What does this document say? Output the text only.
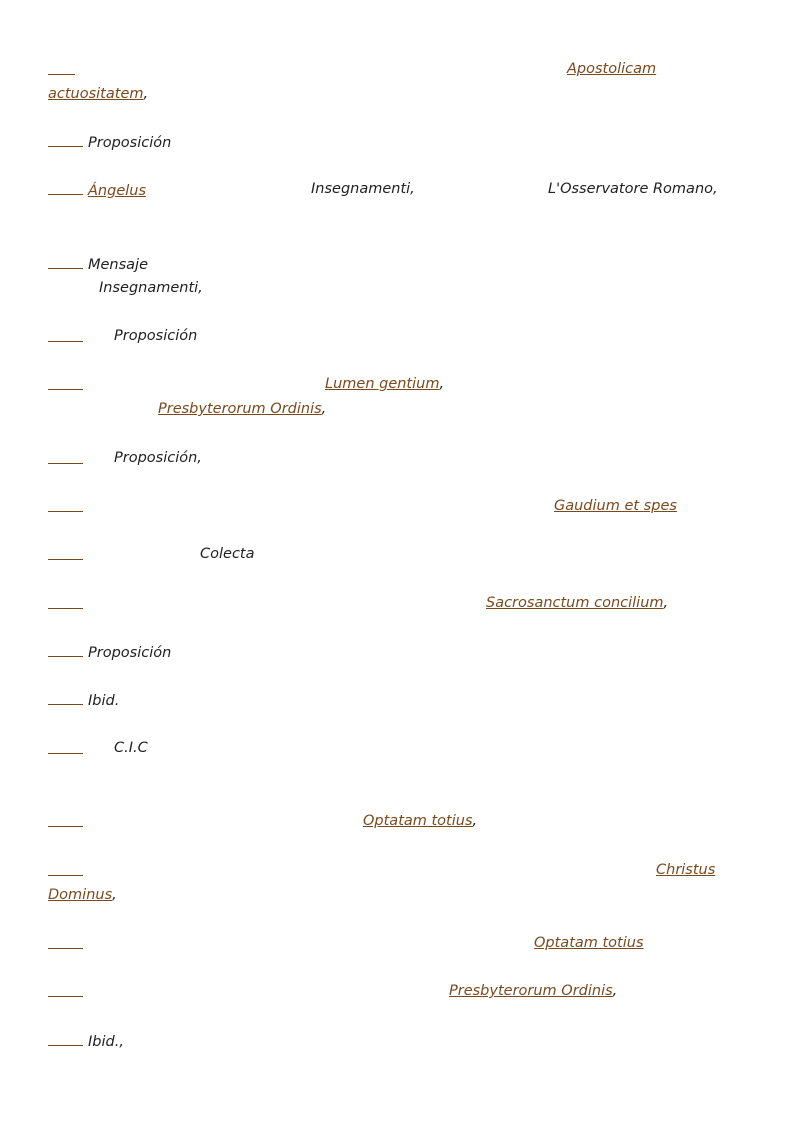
Apostolicam
actuositatem,
Proposición
Ángelus	Insegnamenti,	L'Osservatore Romano,
Mensaje
Insegnamenti,
Proposición
Lumen gentium,
Presbyterorum Ordinis,
Proposición,
Gaudium et spes
Colecta
Sacrosanctum concilium,
Proposición
Ibid.
C.I.C
Optatam totius,
Christus
Dominus,
Optatam totius
Presbyterorum Ordinis,
Ibid.,
